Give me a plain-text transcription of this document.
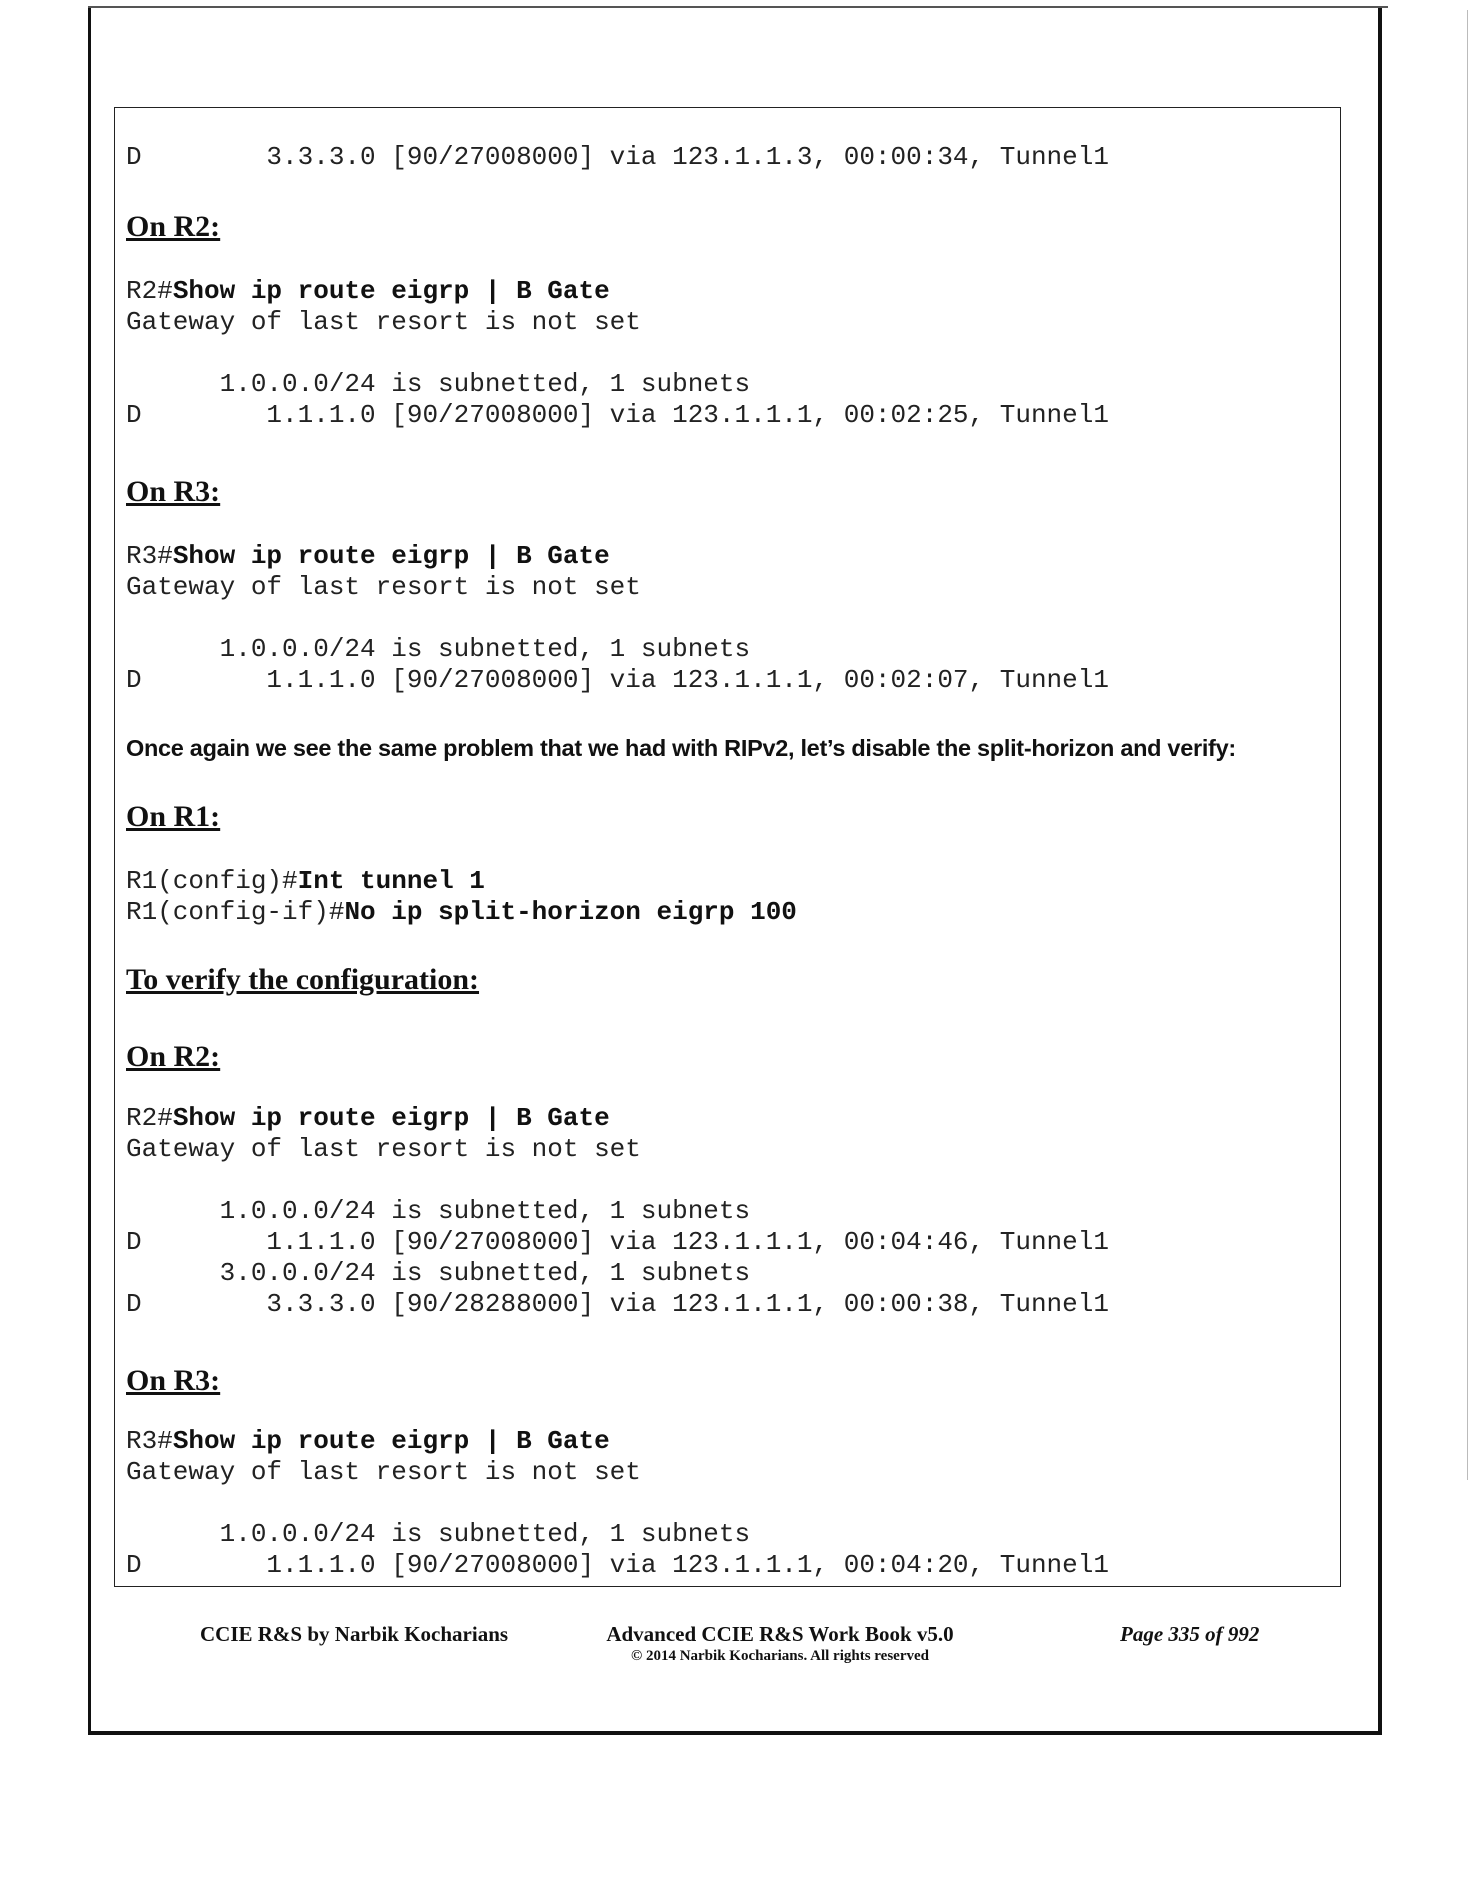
D        3.3.3.0 [90/27008000] via 123.1.1.3, 00:00:34, Tunnel1
On R2:
R2#Show ip route eigrp | B Gate
Gateway of last resort is not set

1.0.0.0/24 is subnetted, 1 subnets
D        1.1.1.0 [90/27008000] via 123.1.1.1, 00:02:25, Tunnel1
On R3:
R3#Show ip route eigrp | B Gate
Gateway of last resort is not set

1.0.0.0/24 is subnetted, 1 subnets
D        1.1.1.0 [90/27008000] via 123.1.1.1, 00:02:07, Tunnel1
Once again we see the same problem that we had with RIPv2, let’s disable the split-horizon and verify:
On R1:
R1(config)#Int tunnel 1
R1(config-if)#No ip split-horizon eigrp 100
To verify the configuration:
On R2:
R2#Show ip route eigrp | B Gate
Gateway of last resort is not set

1.0.0.0/24 is subnetted, 1 subnets
D        1.1.1.0 [90/27008000] via 123.1.1.1, 00:04:46, Tunnel1
3.0.0.0/24 is subnetted, 1 subnets
D        3.3.3.0 [90/28288000] via 123.1.1.1, 00:00:38, Tunnel1
On R3:
R3#Show ip route eigrp | B Gate
Gateway of last resort is not set

1.0.0.0/24 is subnetted, 1 subnets
D        1.1.1.0 [90/27008000] via 123.1.1.1, 00:04:20, Tunnel1
CCIE R&S by Narbik Kocharians	Advanced CCIE R&S Work Book v5.0
© 2014 Narbik Kocharians. All rights reserved
Page 335 of 992
